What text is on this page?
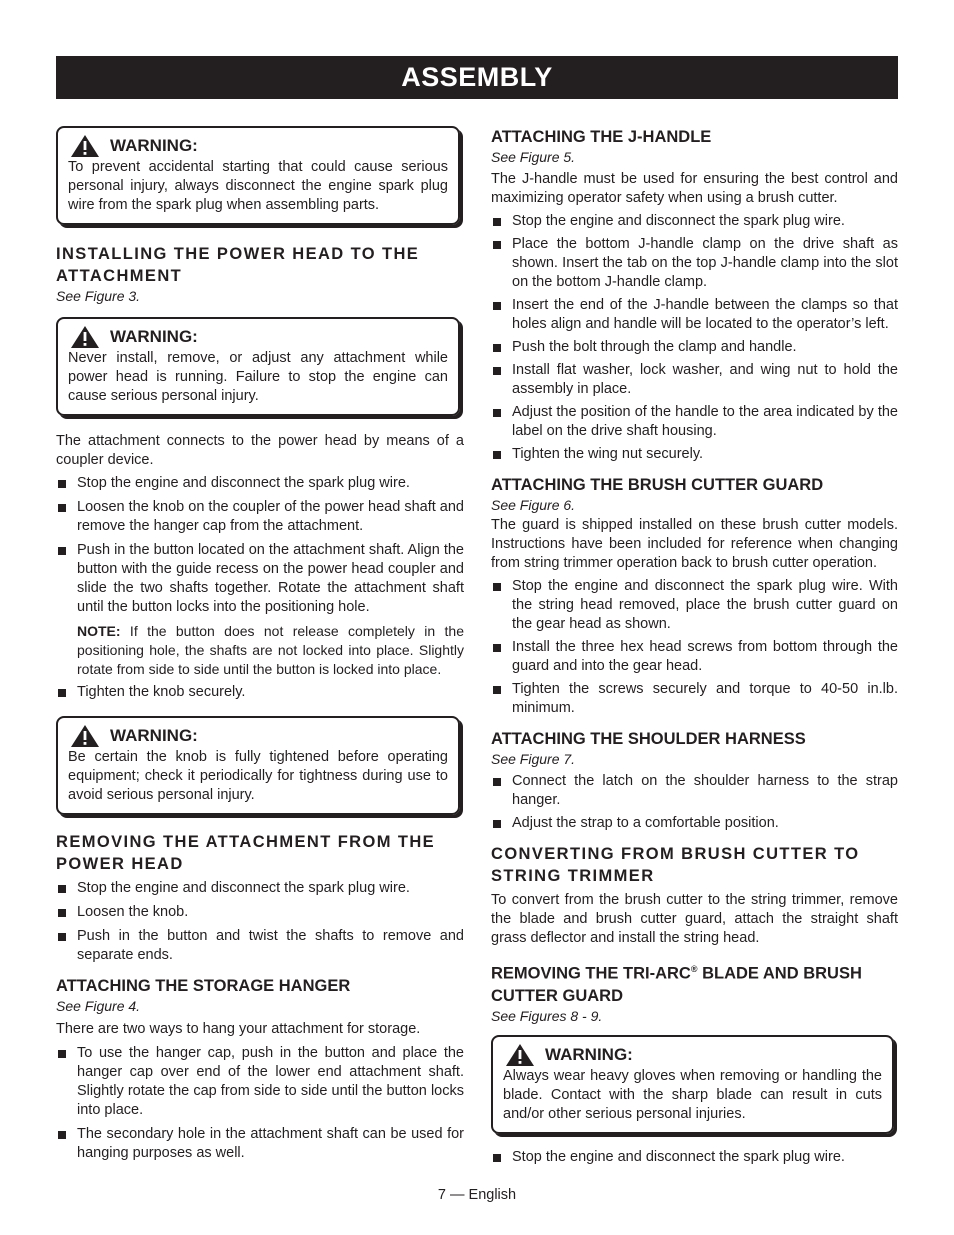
ASSEMBLY
WARNING:

To prevent accidental starting that could cause serious personal injury, always disconnect the engine spark plug wire from the spark plug when assembling parts.

INSTALLING THE POWER HEAD TO THE ATTACHMENT

See Figure 3.

WARNING:

Never install, remove, or adjust any attachment while power head is running. Failure to stop the engine can cause serious personal injury.

The attachment connects to the power head by means of a coupler device.

Stop the engine and disconnect the spark plug wire.
Loosen the knob on the coupler of the power head shaft and remove the hanger cap from the attachment.
Push in the button located on the attachment shaft. Align the button with the guide recess on the power head coupler and slide the two shafts together. Rotate the attachment shaft until the button locks into the positioning hole.

NOTE: If the button does not release completely in the positioning hole, the shafts are not locked into place. Slightly rotate from side to side until the button is locked into place.

Tighten the knob securely.
WARNING:

Be certain the knob is fully tightened before operating equipment; check it periodically for tightness during use to avoid serious personal injury.

REMOVING THE ATTACHMENT FROM THE POWER HEAD
Stop the engine and disconnect the spark plug wire.
Loosen the knob.
Push in the button and twist the shafts to remove and separate ends.
ATTACHING THE STORAGE HANGER

See Figure 4.

There are two ways to hang your attachment for storage.

To use the hanger cap, push in the button and place the hanger cap over end of the lower end attachment shaft. Slightly rotate the cap from side to side until the button locks into place.
The secondary hole in the attachment shaft can be used for hanging purposes as well.
ATTACHING THE J-HANDLE

See Figure 5.

The J-handle must be used for ensuring the best control and maximizing operator safety when using a brush cutter.

Stop the engine and disconnect the spark plug wire.
Place the bottom J-handle clamp on the drive shaft as shown. Insert the tab on the top J-handle clamp into the slot on the bottom J-handle clamp.
Insert the end of the J-handle between the clamps so that holes align and handle will be located to the operator’s left.
Push the bolt through the clamp and handle.
Install flat washer, lock washer, and wing nut to hold the assembly in place.
Adjust the position of the handle to the area indicated by the label on the drive shaft housing.
Tighten the wing nut securely.
ATTACHING THE BRUSH CUTTER GUARD

See Figure 6.

The guard is shipped installed on these brush cutter models. Instructions have been included for reference when changing from string trimmer operation back to brush cutter operation.

Stop the engine and disconnect the spark plug wire. With the string head removed, place the brush cutter guard on the gear head as shown.
Install the three hex head screws from bottom through the guard and into the gear head.
Tighten the screws securely and torque to 40-50 in.lb. minimum.
ATTACHING THE SHOULDER HARNESS

See Figure 7.

Connect the latch on the shoulder harness to the strap hanger.
Adjust the strap to a comfortable position.
CONVERTING FROM BRUSH CUTTER TO STRING TRIMMER

To convert from the brush cutter to the string trimmer, remove the blade and brush cutter guard, attach the straight shaft grass deflector and install the string head.

REMOVING THE TRI-ARC® BLADE AND BRUSH CUTTER GUARD

See Figures 8 - 9.

WARNING:

Always wear heavy gloves when removing or handling the blade. Contact with the sharp blade can result in cuts and/or other serious personal injuries.

Stop the engine and disconnect the spark plug wire.
7 — English
